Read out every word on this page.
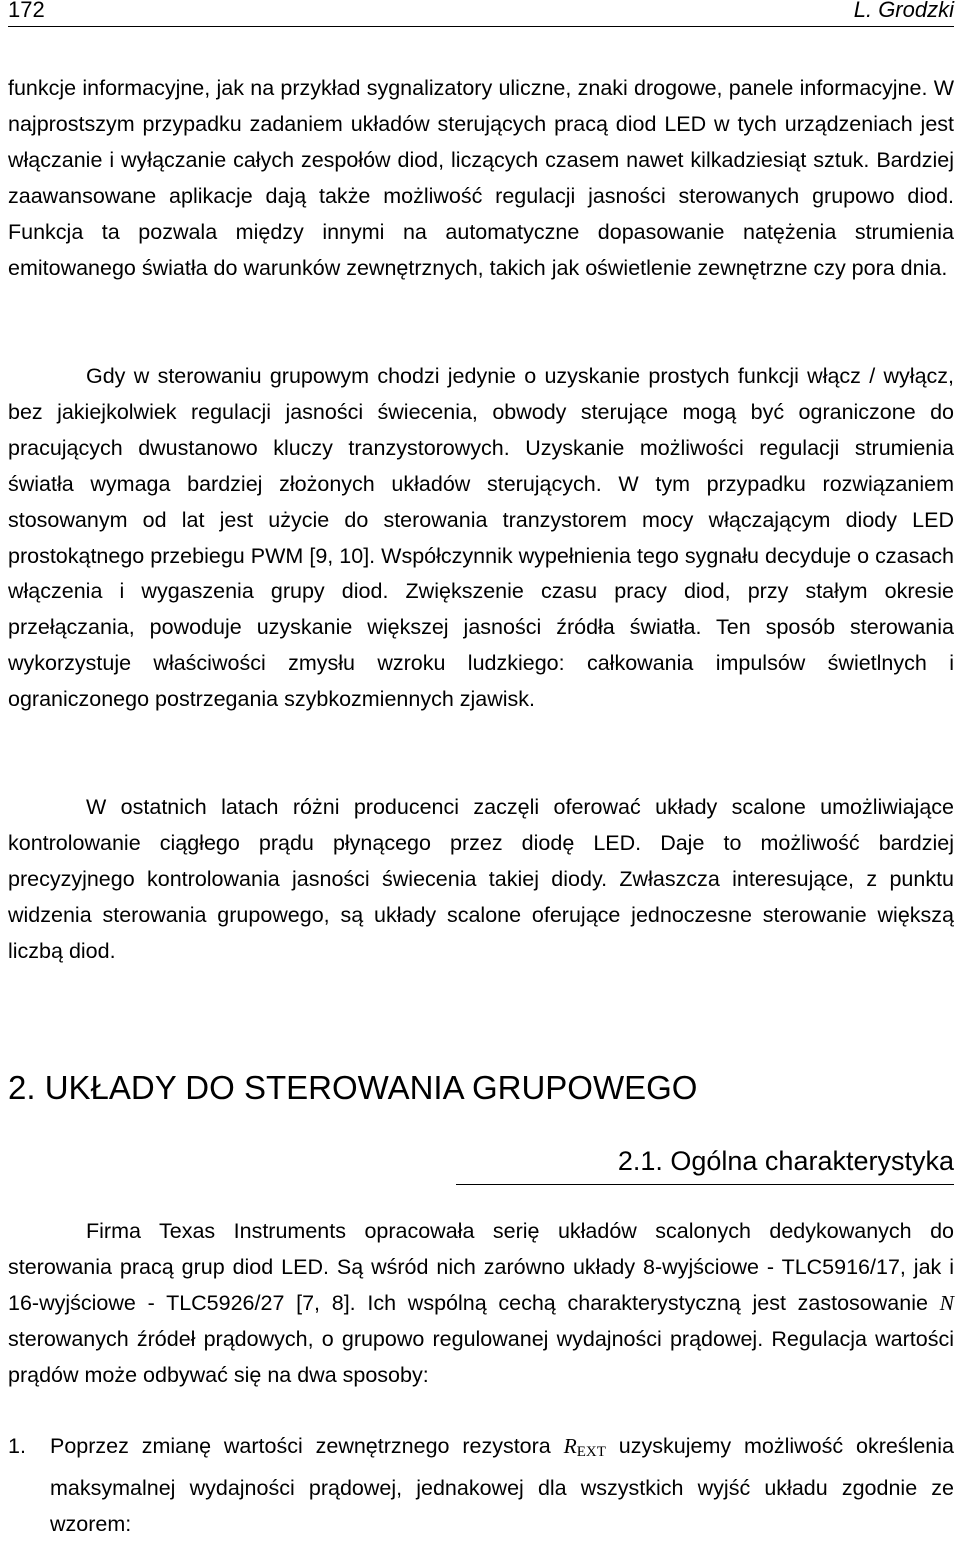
172	L. Grodzki

funkcje informacyjne, jak na przykład sygnalizatory uliczne, znaki drogowe, panele informacyjne. W najprostszym przypadku zadaniem układów sterujących pracą diod LED w tych urządzeniach jest włączanie i wyłączanie całych zespołów diod, liczących czasem nawet kilkadziesiąt sztuk. Bardziej zaawansowane aplikacje dają także możliwość regulacji jasności sterowanych grupowo diod. Funkcja ta pozwala między innymi na automatyczne dopasowanie natężenia strumienia emitowanego światła do warunków zewnętrznych, takich jak oświetlenie zewnętrzne czy pora dnia.

Gdy w sterowaniu grupowym chodzi jedynie o uzyskanie prostych funkcji włącz / wyłącz, bez jakiejkolwiek regulacji jasności świecenia, obwody sterujące mogą być ograniczone do pracujących dwustanowo kluczy tranzystorowych. Uzyskanie możliwości regulacji strumienia światła wymaga bardziej złożonych układów sterujących. W tym przypadku rozwiązaniem stosowanym od lat jest użycie do sterowania tranzystorem mocy włączającym diody LED prostokątnego przebiegu PWM [9, 10]. Współczynnik wypełnienia tego sygnału decyduje o czasach włączenia i wygaszenia grupy diod. Zwiększenie czasu pracy diod, przy stałym okresie przełączania, powoduje uzyskanie większej jasności źródła światła. Ten sposób sterowania wykorzystuje właściwości zmysłu wzroku ludzkiego: całkowania impulsów świetlnych i ograniczonego postrzegania szybkozmiennych zjawisk.

W ostatnich latach różni producenci zaczęli oferować układy scalone umożliwiające kontrolowanie ciągłego prądu płynącego przez diodę LED. Daje to możliwość bardziej precyzyjnego kontrolowania jasności świecenia takiej diody. Zwłaszcza interesujące, z punktu widzenia sterowania grupowego, są układy scalone oferujące jednoczesne sterowanie większą liczbą diod.

2. UKŁADY DO STEROWANIA GRUPOWEGO
2.1. Ogólna charakterystyka

Firma Texas Instruments opracowała serię układów scalonych dedykowanych do sterowania pracą grup diod LED. Są wśród nich zarówno układy 8-wyjściowe - TLC5916/17, jak i 16-wyjściowe - TLC5926/27 [7, 8]. Ich wspólną cechą charakterystyczną jest zastosowanie N sterowanych źródeł prądowych, o grupowo regulowanej wydajności prądowej. Regulacja wartości prądów może odbywać się na dwa sposoby:

1. Poprzez zmianę wartości zewnętrznego rezystora $R_{EXT}$ uzyskujemy możliwość określenia maksymalnej wydajności prądowej, jednakowej dla wszystkich wyjść układu zgodnie ze wzorem:
